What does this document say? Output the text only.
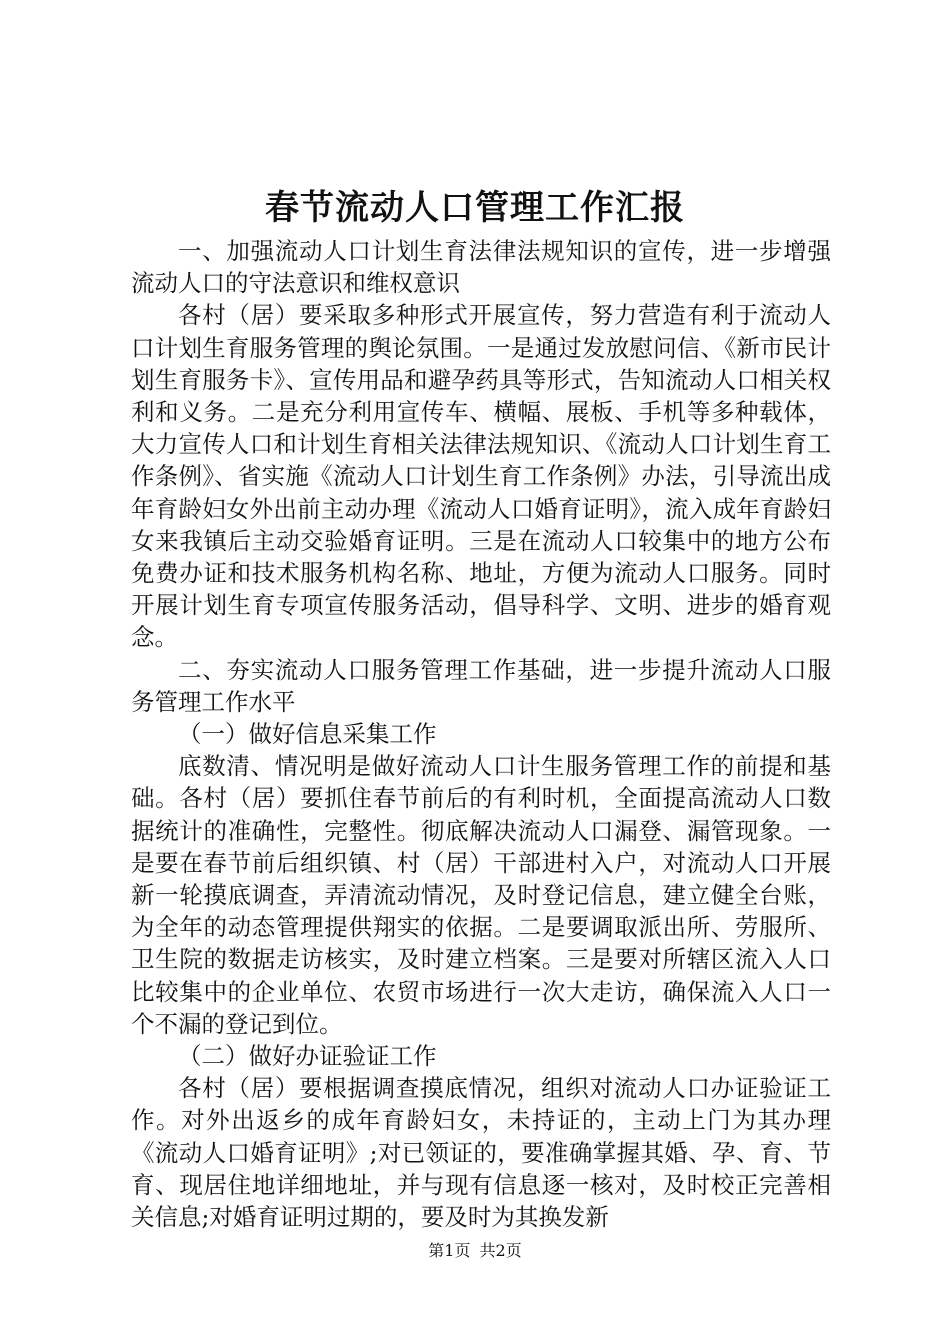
春节流动人口管理工作汇报

一、加强流动人口计划生育法律法规知识的宣传，进一步增强流动人口的守法意识和维权意识

各村（居）要采取多种形式开展宣传，努力营造有利于流动人口计划生育服务管理的舆论氛围。一是通过发放慰问信、《新市民计划生育服务卡》、宣传用品和避孕药具等形式，告知流动人口相关权利和义务。二是充分利用宣传车、横幅、展板、手机等多种载体，大力宣传人口和计划生育相关法律法规知识、《流动人口计划生育工作条例》、省实施《流动人口计划生育工作条例》办法，引导流出成年育龄妇女外出前主动办理《流动人口婚育证明》，流入成年育龄妇女来我镇后主动交验婚育证明。三是在流动人口较集中的地方公布免费办证和技术服务机构名称、地址，方便为流动人口服务。同时开展计划生育专项宣传服务活动，倡导科学、文明、进步的婚育观念。

二、夯实流动人口服务管理工作基础，进一步提升流动人口服务管理工作水平

（一）做好信息采集工作

底数清、情况明是做好流动人口计生服务管理工作的前提和基础。各村（居）要抓住春节前后的有利时机，全面提高流动人口数据统计的准确性，完整性。彻底解决流动人口漏登、漏管现象。一是要在春节前后组织镇、村（居）干部进村入户，对流动人口开展新一轮摸底调查，弄清流动情况，及时登记信息，建立健全台账，为全年的动态管理提供翔实的依据。二是要调取派出所、劳服所、卫生院的数据走访核实，及时建立档案。三是要对所辖区流入人口比较集中的企业单位、农贸市场进行一次大走访，确保流入人口一个不漏的登记到位。

（二）做好办证验证工作

各村（居）要根据调查摸底情况，组织对流动人口办证验证工作。对外出返乡的成年育龄妇女，未持证的，主动上门为其办理《流动人口婚育证明》;对已领证的，要准确掌握其婚、孕、育、节育、现居住地详细地址，并与现有信息逐一核对，及时校正完善相关信息;对婚育证明过期的，要及时为其换发新

第1页 共2页
